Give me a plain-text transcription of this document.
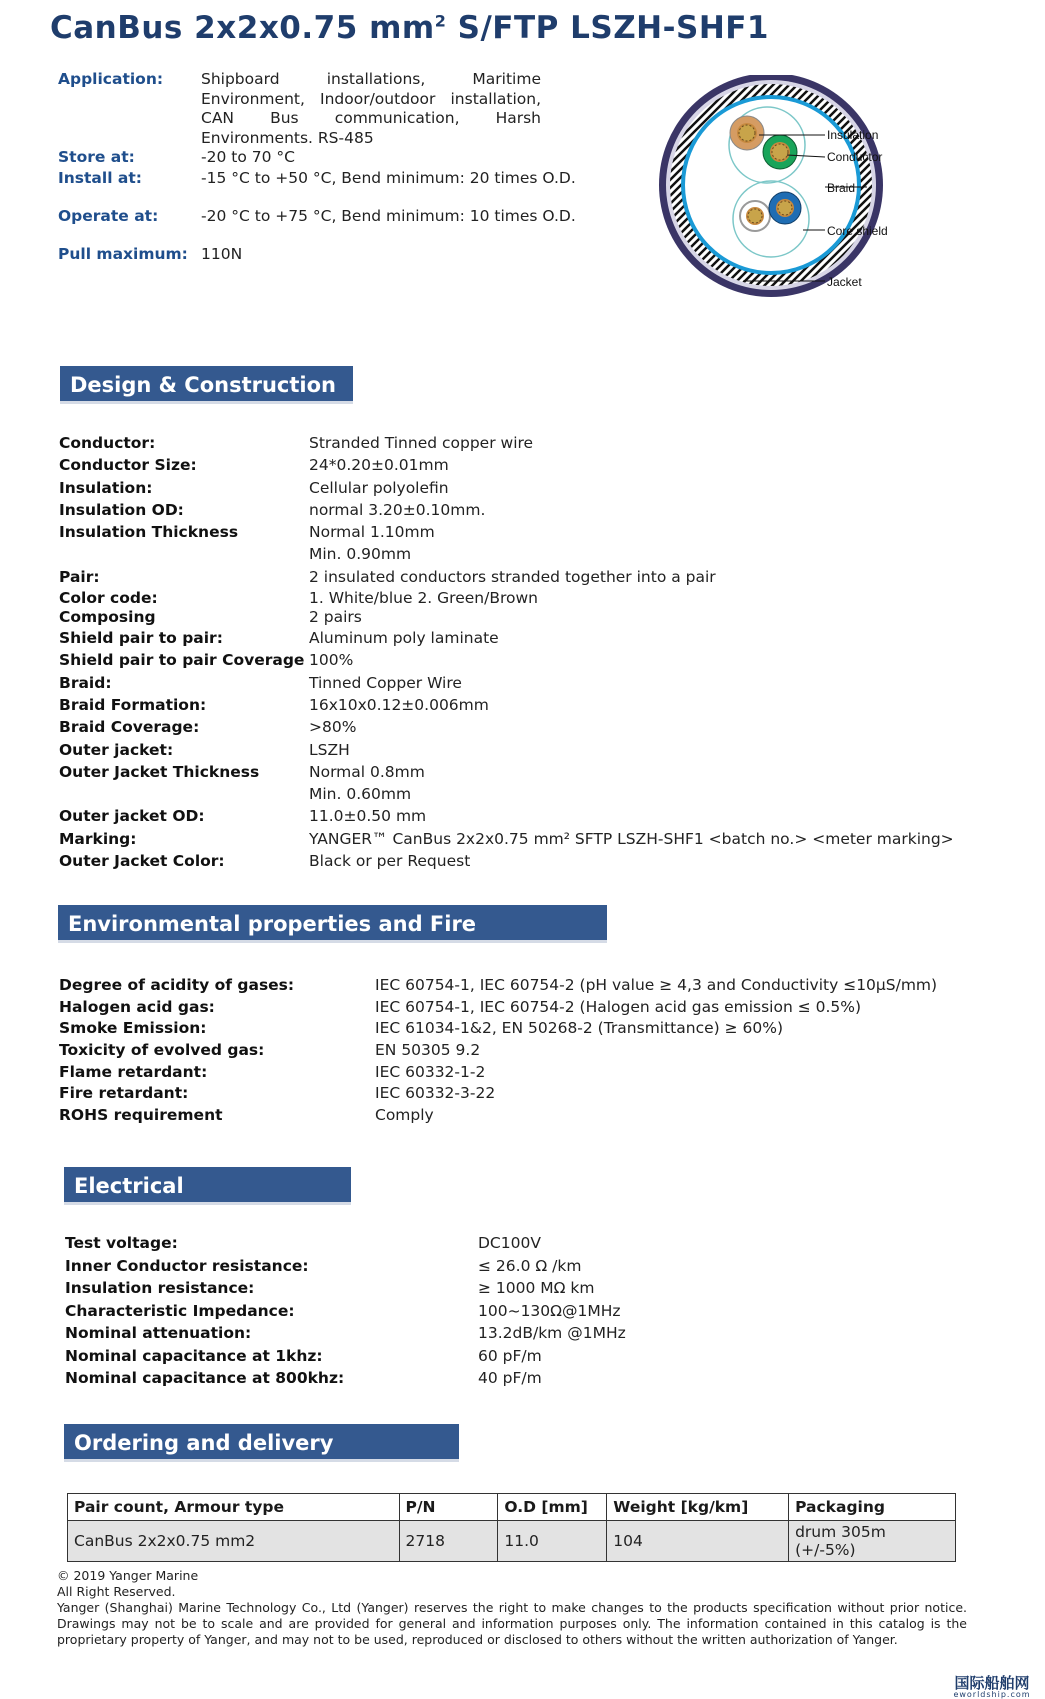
CanBus 2x2x0.75 $mm^2$ S/FTP LSZH-SHF1
Application:	Shipboard installations, Maritime Environment, Indoor/outdoor installation, CAN Bus communication, Harsh Environments. RS-485
Store at:	-20 to 70 °C
Install at:	-15 °C to +50 °C, Bend minimum: 20 times O.D.
Operate at:	-20 °C to +75 °C, Bend minimum: 10 times O.D.
Pull maximum: 110N
Insulation
Conductor
Braid
Core shield
Jacket
Design & Construction
Conductor:	Stranded Tinned copper wire
Conductor Size:	24*0.20±0.01mm
Insulation:	Cellular polyolefin
Insulation OD:	normal 3.20±0.10mm.
Insulation Thickness	Normal 1.10mm
Min. 0.90mm
Pair:	2 insulated conductors stranded together into a pair
Color code:	1. White/blue 2. Green/Brown
Composing	2 pairs
Shield pair to pair:	Aluminum poly laminate
Shield pair to pair Coverage 100%
Braid:	Tinned Copper Wire
Braid Formation:	16x10x0.12±0.006mm
Braid Coverage:	>80%
Outer jacket:	LSZH
Outer Jacket Thickness	Normal 0.8mm
Min. 0.60mm
Outer jacket OD:	11.0±0.50 mm
Marking:	YANGER™ CanBus 2x2x0.75 mm² SFTP LSZH-SHF1 <batch no.> <meter marking>
Outer Jacket Color:	Black or per Request
Environmental properties and Fire Performances
Degree of acidity of gases:	IEC 60754-1, IEC 60754-2 (pH value ≥ 4,3 and Conductivity ≤10μS/mm)
Halogen acid gas:	IEC 60754-1, IEC 60754-2 (Halogen acid gas emission ≤ 0.5%)
Smoke Emission:	IEC 61034-1&2, EN 50268-2 (Transmittance) ≥ 60%)
Toxicity of evolved gas:	EN 50305 9.2
Flame retardant:	IEC 60332-1-2
Fire retardant:	IEC 60332-3-22
ROHS requirement	Comply
Electrical characteristics
Test voltage:	DC100V
Inner Conductor resistance:	≤ 26.0 Ω /km
Insulation resistance:	≥ 1000 MΩ km
Characteristic Impedance:	100~130Ω@1MHz
Nominal attenuation:	13.2dB/km @1MHz
Nominal capacitance at 1khz:	60 pF/m
Nominal capacitance at 800khz:	40 pF/m
Ordering and delivery information
Pair count, Armour type	P/N	O.D [mm]	Weight [kg/km]	Packaging
CanBus 2x2x0.75 mm2	2718	11.0	104	drum 305m (+/-5%)
© 2019 Yanger Marine
All Right Reserved.
Yanger (Shanghai) Marine Technology Co., Ltd (Yanger) reserves the right to make changes to the products specification without prior notice. Drawings may not be to scale and are provided for general and information purposes only. The information contained in this catalog is the proprietary property of Yanger, and may not to be used, reproduced or disclosed to others without the written authorization of Yanger.
国际船舶网
eworldship.com
